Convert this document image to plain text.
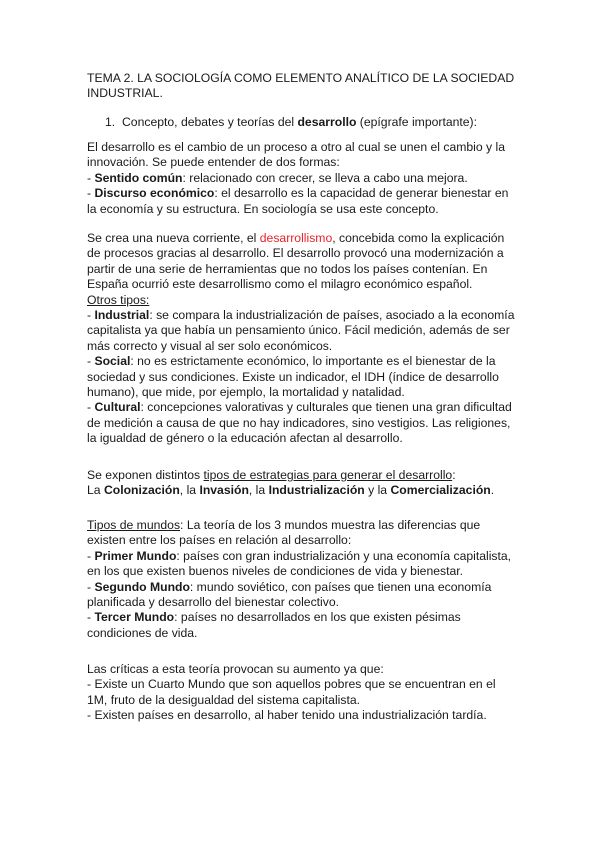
TEMA 2. LA SOCIOLOGÍA COMO ELEMENTO ANALÍTICO DE LA SOCIEDAD
INDUSTRIAL.
1. Concepto, debates y teorías del desarrollo (epígrafe importante):
El desarrollo es el cambio de un proceso a otro al cual se unen el cambio y la
innovación. Se puede entender de dos formas:
- Sentido común: relacionado con crecer, se lleva a cabo una mejora.
- Discurso económico: el desarrollo es la capacidad de generar bienestar en
la economía y su estructura. En sociología se usa este concepto.
Se crea una nueva corriente, el desarrollismo, concebida como la explicación
de procesos gracias al desarrollo. El desarrollo provocó una modernización a
partir de una serie de herramientas que no todos los países contenían. En
España ocurrió este desarrollismo como el milagro económico español.
Otros tipos:
- Industrial: se compara la industrialización de países, asociado a la economía
capitalista ya que había un pensamiento único. Fácil medición, además de ser
más correcto y visual al ser solo económicos.
- Social: no es estrictamente económico, lo importante es el bienestar de la
sociedad y sus condiciones. Existe un indicador, el IDH (índice de desarrollo
humano), que mide, por ejemplo, la mortalidad y natalidad.
- Cultural: concepciones valorativas y culturales que tienen una gran dificultad
de medición a causa de que no hay indicadores, sino vestigios. Las religiones,
la igualdad de género o la educación afectan al desarrollo.
Se exponen distintos tipos de estrategias para generar el desarrollo:
La Colonización, la Invasión, la Industrialización y la Comercialización.
Tipos de mundos: La teoría de los 3 mundos muestra las diferencias que
existen entre los países en relación al desarrollo:
- Primer Mundo: países con gran industrialización y una economía capitalista,
en los que existen buenos niveles de condiciones de vida y bienestar.
- Segundo Mundo: mundo soviético, con países que tienen una economía
planificada y desarrollo del bienestar colectivo.
- Tercer Mundo: países no desarrollados en los que existen pésimas
condiciones de vida.
Las críticas a esta teoría provocan su aumento ya que:
- Existe un Cuarto Mundo que son aquellos pobres que se encuentran en el
1M, fruto de la desigualdad del sistema capitalista.
- Existen países en desarrollo, al haber tenido una industrialización tardía.
